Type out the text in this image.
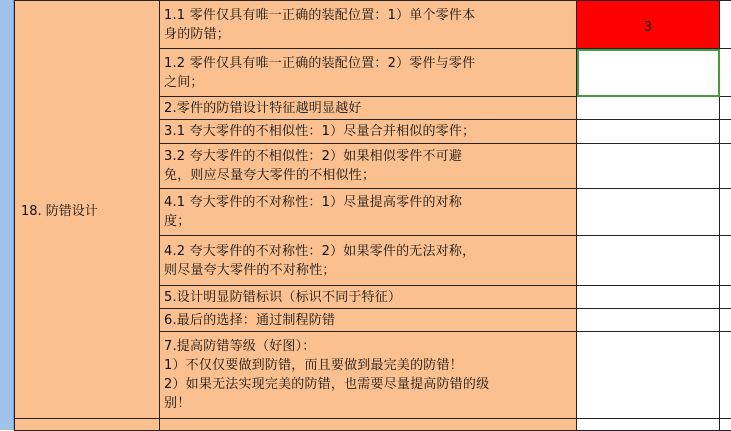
18. 防错设计	1.1 零件仅具有唯一正确的装配位置：1）单个零件本
身的防错；	3	

	1.2 零件仅具有唯一正确的装配位置：2）零件与零件
之间；		

	2.零件的防错设计特征越明显越好		

	3.1 夸大零件的不相似性：1）尽量合并相似的零件；		

	3.2 夸大零件的不相似性：2）如果相似零件不可避
免，则应尽量夸大零件的不相似性；		

	4.1 夸大零件的不对称性：1）尽量提高零件的对称
度；		

	4.2 夸大零件的不对称性：2）如果零件的无法对称，
则尽量夸大零件的不对称性；		

	5.设计明显防错标识（标识不同于特征）		

	6.最后的选择：通过制程防错		

	7.提高防错等级（好图）：
1）不仅仅要做到防错，而且要做到最完美的防错！
2）如果无法实现完美的防错，也需要尽量提高防错的级
别！		
